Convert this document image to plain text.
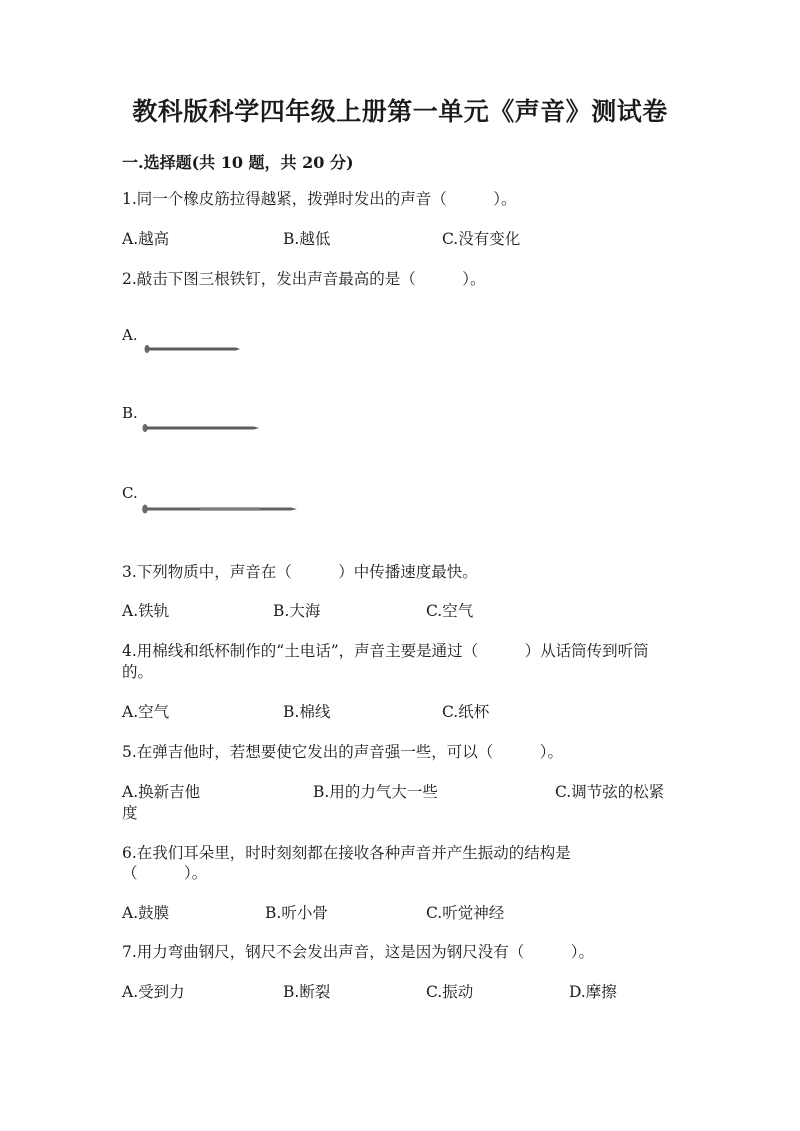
教科版科学四年级上册第一单元《声音》测试卷
一.选择题(共 10 题，共 20 分)
1.同一个橡皮筋拉得越紧，拨弹时发出的声音（　　　）。
A.越高	B.越低	C.没有变化
2.敲击下图三根铁钉，发出声音最高的是（　　　）。
A.
B.
C.
3.下列物质中，声音在（　　　）中传播速度最快。
A.铁轨	B.大海	C.空气
4.用棉线和纸杯制作的“土电话”，声音主要是通过（　　　）从话筒传到听筒
的。
A.空气	B.棉线	C.纸杯
5.在弹吉他时，若想要使它发出的声音强一些，可以（　　　）。
A.换新吉他	B.用的力气大一些	C.调节弦的松紧
度
6.在我们耳朵里，时时刻刻都在接收各种声音并产生振动的结构是
（　　　）。
A.鼓膜	B.听小骨	C.听觉神经
7.用力弯曲钢尺，钢尺不会发出声音，这是因为钢尺没有（　　　）。
A.受到力	B.断裂	C.振动	D.摩擦
